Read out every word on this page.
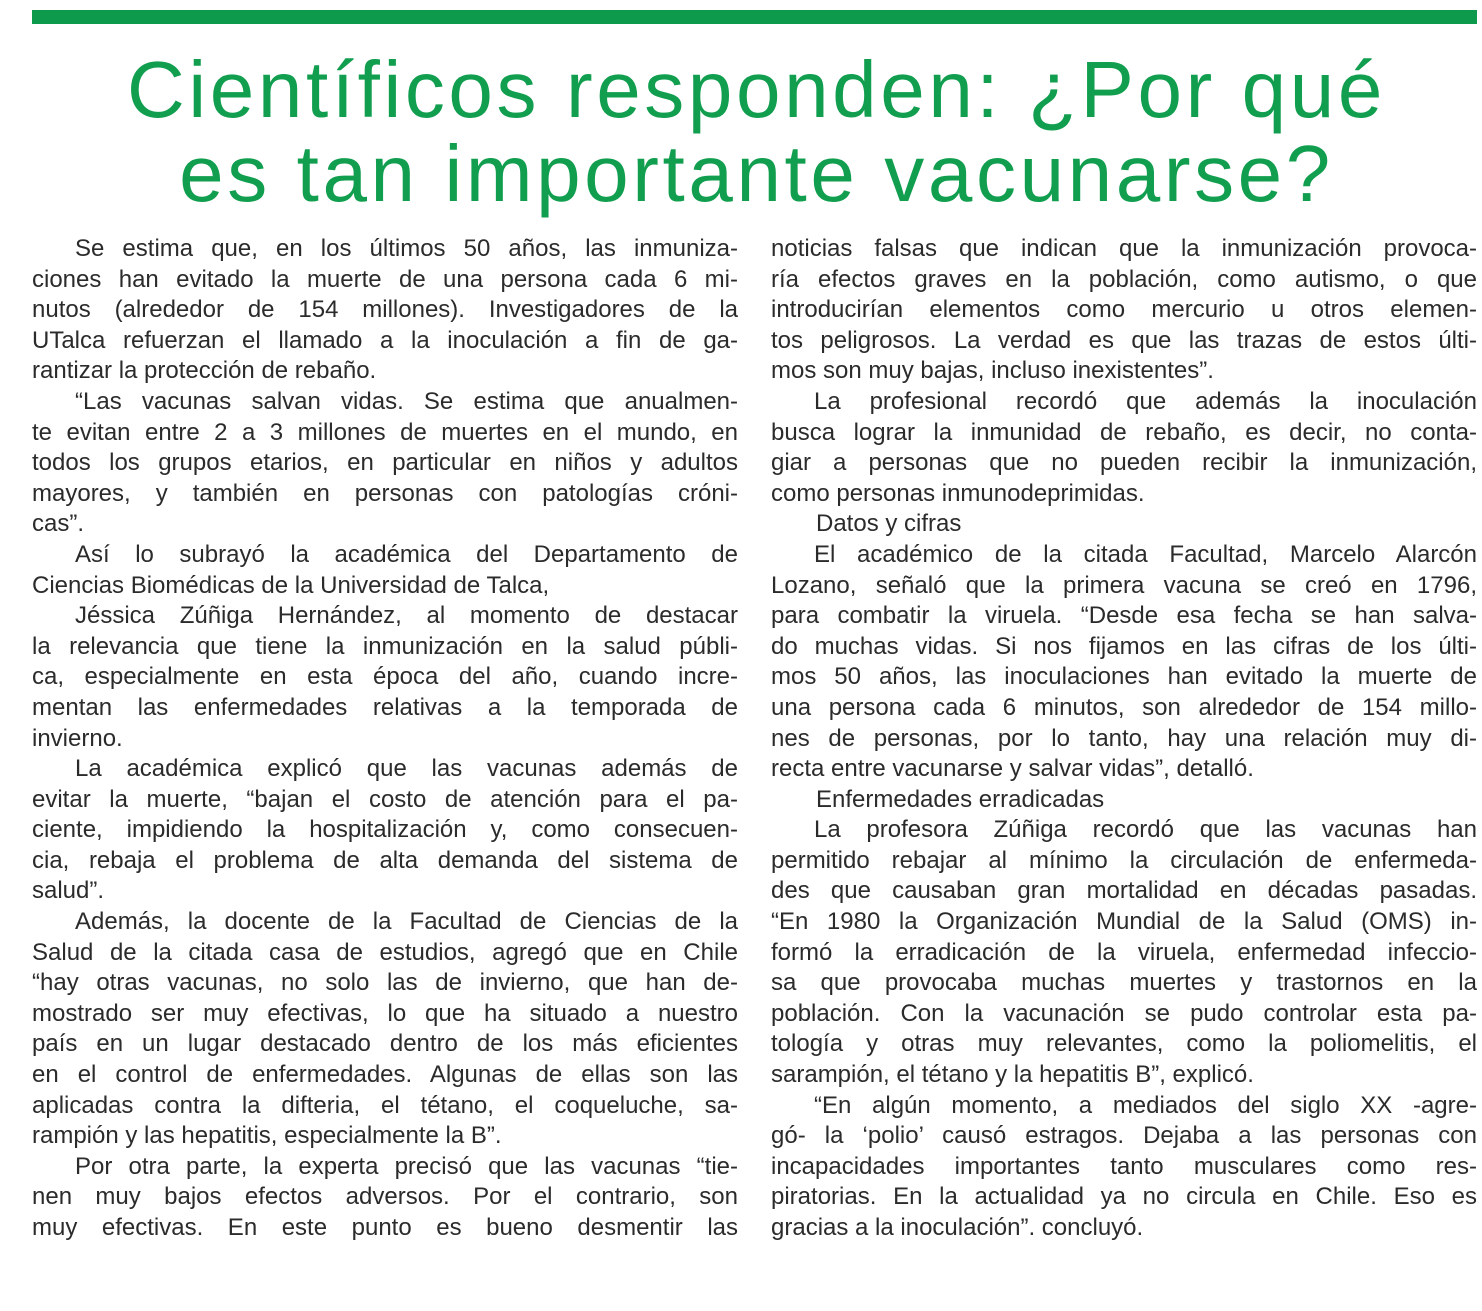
Científicos responden: ¿Por qué
es tan importante vacunarse?
Se estima que, en los últimos 50 años, las inmuniza-
ciones han evitado la muerte de una persona cada 6 mi-
nutos (alrededor de 154 millones). Investigadores de la
UTalca refuerzan el llamado a la inoculación a fin de ga-
rantizar la protección de rebaño.
“Las vacunas salvan vidas. Se estima que anualmen-
te evitan entre 2 a 3 millones de muertes en el mundo, en
todos los grupos etarios, en particular en niños y adultos
mayores, y también en personas con patologías cróni-
cas”.
Así lo subrayó la académica del Departamento de
Ciencias Biomédicas de la Universidad de Talca,
Jéssica Zúñiga Hernández, al momento de destacar
la relevancia que tiene la inmunización en la salud públi-
ca, especialmente en esta época del año, cuando incre-
mentan las enfermedades relativas a la temporada de
invierno.
La académica explicó que las vacunas además de
evitar la muerte, “bajan el costo de atención para el pa-
ciente, impidiendo la hospitalización y, como consecuen-
cia, rebaja el problema de alta demanda del sistema de
salud”.
Además, la docente de la Facultad de Ciencias de la
Salud de la citada casa de estudios, agregó que en Chile
“hay otras vacunas, no solo las de invierno, que han de-
mostrado ser muy efectivas, lo que ha situado a nuestro
país en un lugar destacado dentro de los más eficientes
en el control de enfermedades. Algunas de ellas son las
aplicadas contra la difteria, el tétano, el coqueluche, sa-
rampión y las hepatitis, especialmente la B”.
Por otra parte, la experta precisó que las vacunas “tie-
nen muy bajos efectos adversos. Por el contrario, son
muy efectivas. En este punto es bueno desmentir las
noticias falsas que indican que la inmunización provoca-
ría efectos graves en la población, como autismo, o que
introducirían elementos como mercurio u otros elemen-
tos peligrosos. La verdad es que las trazas de estos últi-
mos son muy bajas, incluso inexistentes”.
La profesional recordó que además la inoculación
busca lograr la inmunidad de rebaño, es decir, no conta-
giar a personas que no pueden recibir la inmunización,
como personas inmunodeprimidas.
Datos y cifras
El académico de la citada Facultad, Marcelo Alarcón
Lozano, señaló que la primera vacuna se creó en 1796,
para combatir la viruela. “Desde esa fecha se han salva-
do muchas vidas. Si nos fijamos en las cifras de los últi-
mos 50 años, las inoculaciones han evitado la muerte de
una persona cada 6 minutos, son alrededor de 154 millo-
nes de personas, por lo tanto, hay una relación muy di-
recta entre vacunarse y salvar vidas”, detalló.
Enfermedades erradicadas
La profesora Zúñiga recordó que las vacunas han
permitido rebajar al mínimo la circulación de enfermeda-
des que causaban gran mortalidad en décadas pasadas.
“En 1980 la Organización Mundial de la Salud (OMS) in-
formó la erradicación de la viruela, enfermedad infeccio-
sa que provocaba muchas muertes y trastornos en la
población. Con la vacunación se pudo controlar esta pa-
tología y otras muy relevantes, como la poliomelitis, el
sarampión, el tétano y la hepatitis B”, explicó.
“En algún momento, a mediados del siglo XX -agre-
gó- la ‘polio’ causó estragos. Dejaba a las personas con
incapacidades importantes tanto musculares como res-
piratorias. En la actualidad ya no circula en Chile. Eso es
gracias a la inoculación”. concluyó.
